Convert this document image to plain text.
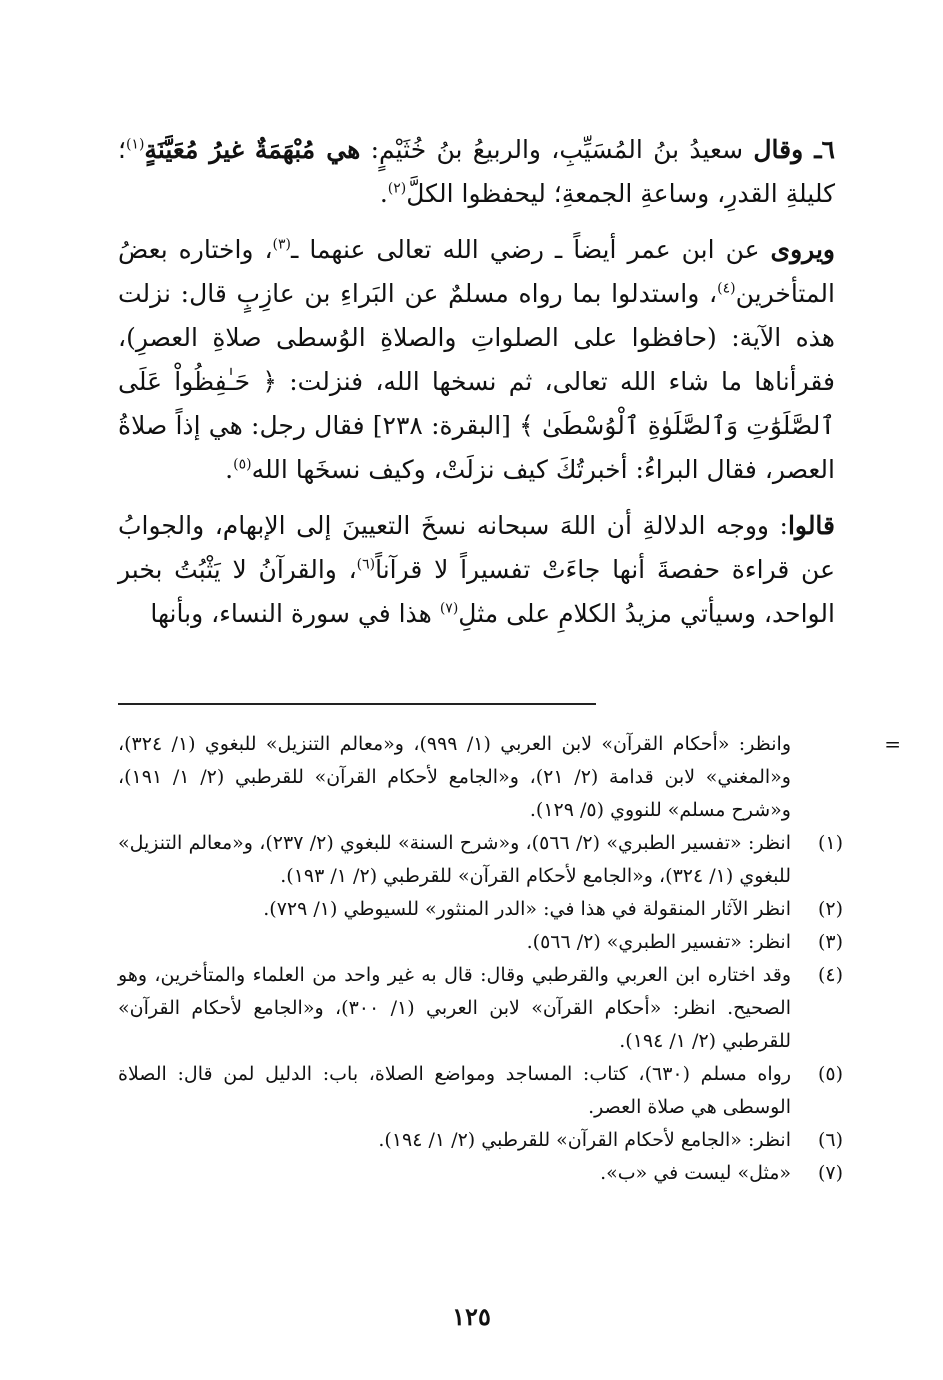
٦ـ وقال سعيدُ بنُ المُسَيِّبِ، والربيعُ بنُ خُثَيْمٍ: هي مُبْهَمَةٌ غيرُ مُعَيَّنَةٍ$^{(١)}$؛ كليلةِ القدرِ، وساعةِ الجمعةِ؛ ليحفظوا الكلَّ$^{(٢)}$.

ويروى عن ابن عمر أيضاً ـ رضي الله تعالى عنهما ـ$^{(٣)}$، واختاره بعضُ المتأخرين$^{(٤)}$، واستدلوا بما رواه مسلمٌ عن البَراءِ بن عازِبٍ قال: نزلت هذه الآية: (حافظوا على الصلواتِ والصلاةِ الوُسطى صلاةِ العصرِ)، فقرأناها ما شاء الله تعالى، ثم نسخها الله، فنزلت: ﴿ حَـٰفِظُواْ عَلَى ٱلصَّلَوَٰتِ وَٱلصَّلَوٰةِ ٱلْوُسْطَىٰ ﴾ [البقرة: ٢٣٨] فقال رجل: هي إذاً صلاةُ العصر، فقال البراءُ: أخبرتُكَ كيف نزلَتْ، وكيف نسخَها الله$^{(٥)}$.

قالوا: ووجه الدلالةِ أن اللهَ سبحانه نسخَ التعيينَ إلى الإبهام، والجوابُ عن قراءة حفصةَ أنها جاءَتْ تفسيراً لا قرآناً$^{(٦)}$، والقرآنُ لا يَثْبُتُ بخبر الواحد، وسيأتي مزيدُ الكلامِ على مثلِ$^{(٧)}$ هذا في سورة النساء، وبأنها

=
وانظر: «أحكام القرآن» لابن العربي (١/ ٩٩٩)، و«معالم التنزيل» للبغوي (١/ ٣٢٤)، و«المغني» لابن قدامة (٢/ ٢١)، و«الجامع لأحكام القرآن» للقرطبي (٢/ ١/ ١٩١)، و«شرح مسلم» للنووي (٥/ ١٢٩).
(١)
انظر: «تفسير الطبري» (٢/ ٥٦٦)، و«شرح السنة» للبغوي (٢/ ٢٣٧)، و«معالم التنزيل» للبغوي (١/ ٣٢٤)، و«الجامع لأحكام القرآن» للقرطبي (٢/ ١/ ١٩٣).
(٢)
انظر الآثار المنقولة في هذا في: «الدر المنثور» للسيوطي (١/ ٧٢٩).
(٣)
انظر: «تفسير الطبري» (٢/ ٥٦٦).
(٤)
وقد اختاره ابن العربي والقرطبي وقال: قال به غير واحد من العلماء والمتأخرين، وهو الصحيح. انظر: «أحكام القرآن» لابن العربي (١/ ٣٠٠)، و«الجامع لأحكام القرآن» للقرطبي (٢/ ١/ ١٩٤).
(٥)
رواه مسلم (٦٣٠)، كتاب: المساجد ومواضع الصلاة، باب: الدليل لمن قال: الصلاة الوسطى هي صلاة العصر.
(٦)
انظر: «الجامع لأحكام القرآن» للقرطبي (٢/ ١/ ١٩٤).
(٧)
«مثل» ليست في «ب».
١٢٥
